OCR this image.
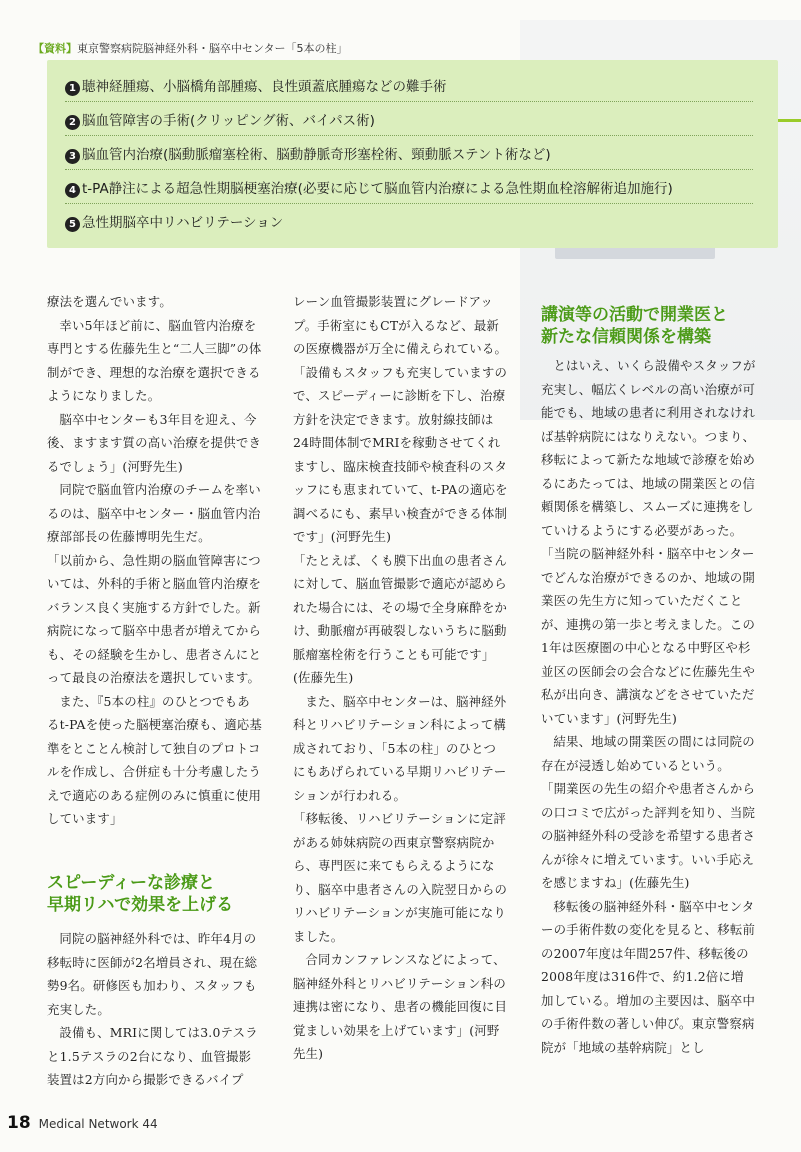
【資料】東京警察病院脳神経外科・脳卒中センター「5本の柱」
1 聴神経腫瘍、小脳橋角部腫瘍、良性頭蓋底腫瘍などの難手術
2 脳血管障害の手術(クリッピング術、バイパス術)
3 脳血管内治療(脳動脈瘤塞栓術、脳動静脈奇形塞栓術、頸動脈ステント術など)
4 t-PA静注による超急性期脳梗塞治療(必要に応じて脳血管内治療による急性期血栓溶解術追加施行)
5 急性期脳卒中リハビリテーション

療法を選んでいます。

幸い5年ほど前に、脳血管内治療を専門とする佐藤先生と“二人三脚”の体制ができ、理想的な治療を選択できるようになりました。

脳卒中センターも3年目を迎え、今後、ますます質の高い治療を提供できるでしょう」(河野先生)

同院で脳血管内治療のチームを率いるのは、脳卒中センター・脳血管内治療部部長の佐藤博明先生だ。

「以前から、急性期の脳血管障害については、外科的手術と脳血管内治療をバランス良く実施する方針でした。新病院になって脳卒中患者が増えてからも、その経験を生かし、患者さんにとって最良の治療法を選択しています。

また、『5本の柱』のひとつでもあるt-PAを使った脳梗塞治療も、適応基準をとことん検討して独自のプロトコルを作成し、合併症も十分考慮したうえで適応のある症例のみに慎重に使用しています」

スピーディーな診療と
早期リハで効果を上げる

同院の脳神経外科では、昨年4月の移転時に医師が2名増員され、現在総勢9名。研修医も加わり、スタッフも充実した。

設備も、MRIに関しては3.0テスラと1.5テスラの2台になり、血管撮影装置は2方向から撮影できるバイプ

レーン血管撮影装置にグレードアップ。手術室にもCTが入るなど、最新の医療機器が万全に備えられている。

「設備もスタッフも充実していますので、スピーディーに診断を下し、治療方針を決定できます。放射線技師は24時間体制でMRIを稼動させてくれますし、臨床検査技師や検査科のスタッフにも恵まれていて、t-PAの適応を調べるにも、素早い検査ができる体制です」(河野先生)

「たとえば、くも膜下出血の患者さんに対して、脳血管撮影で適応が認められた場合には、その場で全身麻酔をかけ、動脈瘤が再破裂しないうちに脳動脈瘤塞栓術を行うことも可能です」(佐藤先生)

また、脳卒中センターは、脳神経外科とリハビリテーション科によって構成されており、「5本の柱」のひとつにもあげられている早期リハビリテーションが行われる。

「移転後、リハビリテーションに定評がある姉妹病院の西東京警察病院から、専門医に来てもらえるようになり、脳卒中患者さんの入院翌日からのリハビリテーションが実施可能になりました。

合同カンファレンスなどによって、脳神経外科とリハビリテーション科の連携は密になり、患者の機能回復に目覚ましい効果を上げています」(河野先生)

講演等の活動で開業医と
新たな信頼関係を構築

とはいえ、いくら設備やスタッフが充実し、幅広くレベルの高い治療が可能でも、地域の患者に利用されなければ基幹病院にはなりえない。つまり、移転によって新たな地域で診療を始めるにあたっては、地域の開業医との信頼関係を構築し、スムーズに連携をしていけるようにする必要があった。

「当院の脳神経外科・脳卒中センターでどんな治療ができるのか、地域の開業医の先生方に知っていただくことが、連携の第一歩と考えました。この1年は医療圏の中心となる中野区や杉並区の医師会の会合などに佐藤先生や私が出向き、講演などをさせていただいています」(河野先生)

結果、地域の開業医の間には同院の存在が浸透し始めているという。

「開業医の先生の紹介や患者さんからの口コミで広がった評判を知り、当院の脳神経外科の受診を希望する患者さんが徐々に増えています。いい手応えを感じますね」(佐藤先生)

移転後の脳神経外科・脳卒中センターの手術件数の変化を見ると、移転前の2007年度は年間257件、移転後の2008年度は316件で、約1.2倍に増加している。増加の主要因は、脳卒中の手術件数の著しい伸び。東京警察病院が「地域の基幹病院」とし

18 Medical Network 44
